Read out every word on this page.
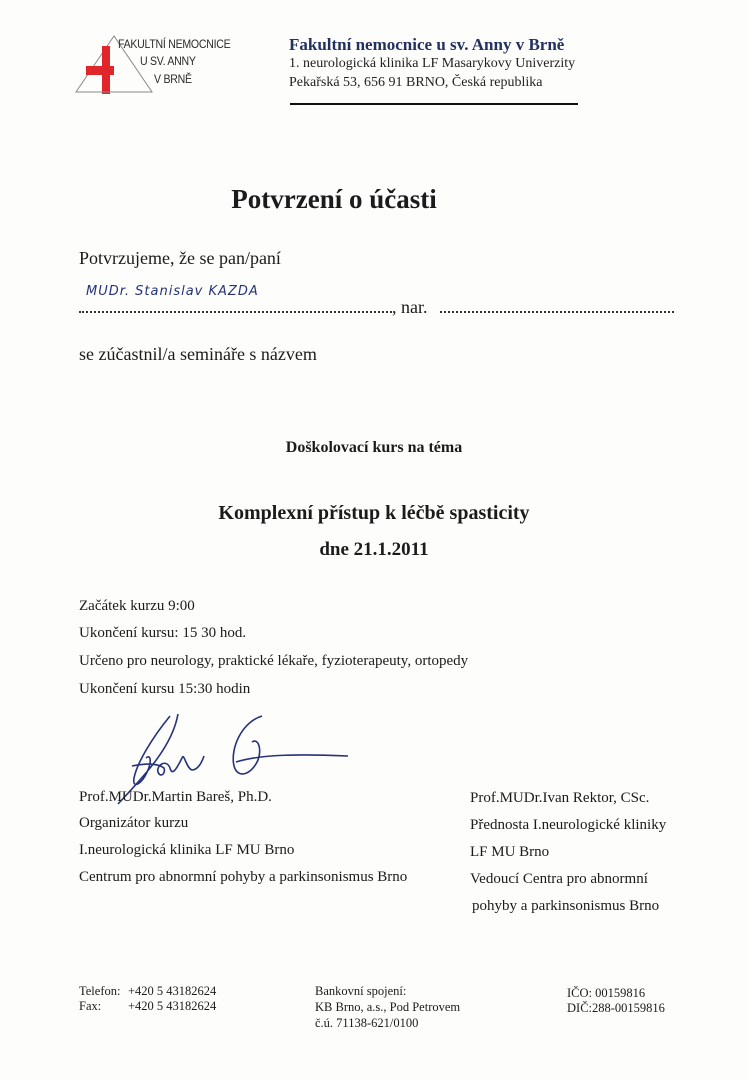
FAKULTNÍ NEMOCNICE
U SV. ANNY
V BRNĚ
Fakultní nemocnice u sv. Anny v Brně
1. neurologická klinika LF Masarykovy Univerzity
Pekařská 53, 656 91 BRNO, Česká republika
Potvrzení o účasti
Potvrzujeme, že se pan/paní
MUDr. Stanislav KAZDA
, nar.
se zúčastnil/a semináře s názvem
Doškolovací kurs na téma
Komplexní přístup k léčbě spasticity
dne 21.1.2011
Začátek kurzu 9:00
Ukončení kursu: 15 30 hod.
Určeno pro neurology, praktické lékaře, fyzioterapeuty, ortopedy
Ukončení kursu 15:30 hodin
Prof.MUDr.Martin Bareš, Ph.D.
Organizátor kurzu
I.neurologická klinika LF MU Brno
Centrum pro abnormní pohyby a parkinsonismus Brno
Prof.MUDr.Ivan Rektor, CSc.
Přednosta I.neurologické kliniky
LF MU Brno
Vedoucí Centra pro abnormní
pohyby a parkinsonismus Brno
Telefon: +420 5 43182624
Fax: +420 5 43182624
Bankovní spojení:
KB Brno, a.s., Pod Petrovem
č.ú. 71138-621/0100
IČO: 00159816
DIČ:288-00159816
